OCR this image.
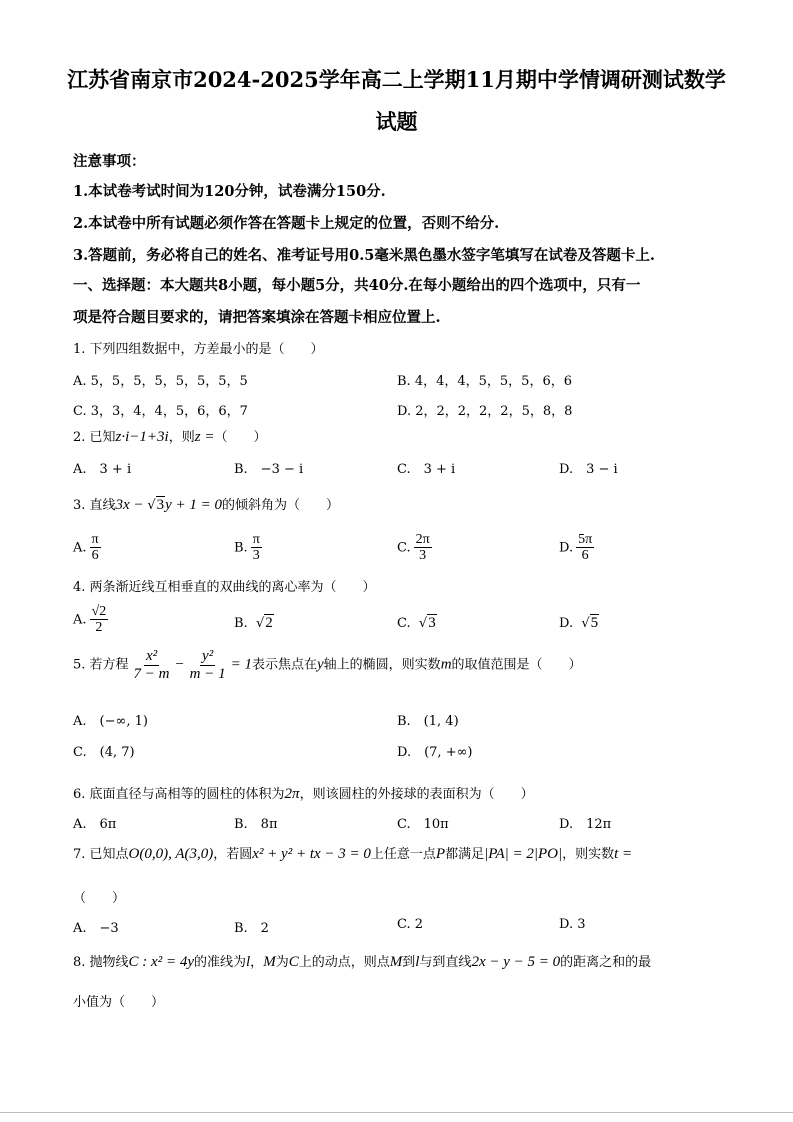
江苏省南京市2024-2025学年高二上学期11月期中学情调研测试数学
试题
注意事项：
1.本试卷考试时间为120分钟，试卷满分150分.
2.本试卷中所有试题必须作答在答题卡上规定的位置，否则不给分.
3.答题前，务必将自己的姓名、准考证号用0.5毫米黑色墨水签字笔填写在试卷及答题卡上.
一、选择题：本大题共8小题，每小题5分，共40分.在每小题给出的四个选项中，只有一
项是符合题目要求的，请把答案填涂在答题卡相应位置上.
1. 下列四组数据中，方差最小的是（　　）
A. 5，5，5，5，5，5，5，5	B. 4，4，4，5，5，5，6，6
C. 3，3，4，4，5，6，6，7	D. 2，2，2，2，2，5，8，8
2. 已知z·i−1+3i，则z =（　　）
A.　3 + i	B.　−3 − i	C.　3 + i	D.　3 − i
3. 直线3x − √3y + 1 = 0的倾斜角为（　　）
A. $\frac{\pi}{6}$	B. $\frac{\pi}{3}$	C. $\frac{2\pi}{3}$	D. $\frac{5\pi}{6}$
4. 两条渐近线互相垂直的双曲线的离心率为（　　）
A. $\frac{√2}{2}$	B. √2	C. √3	D. √5
5. 若方程 $\frac{\text{x²}}{7 - m} - \frac{\text{y²}}{m - 1} = 1$表示焦点在y轴上的椭圆，则实数m的取值范围是（　　）
A.　(−∞, 1)	B.　(1, 4)
C.　(4, 7)	D.　(7, +∞)
6. 底面直径与高相等的圆柱的体积为2π，则该圆柱的外接球的表面积为（　　）
A.　6π	B.　8π	C.　10π	D.　12π
7. 已知点O(0,0), A(3,0)，若圆x² + y² + tx − 3 = 0上任意一点P都满足|PA| = 2|PO|，则实数t =
（　　）
A.　−3	B.　2	C. 2	D. 3
8. 抛物线C : x² = 4y的准线为l，M为C上的动点，则点M到l与到直线2x − y − 5 = 0的距离之和的最
小值为（　　）
